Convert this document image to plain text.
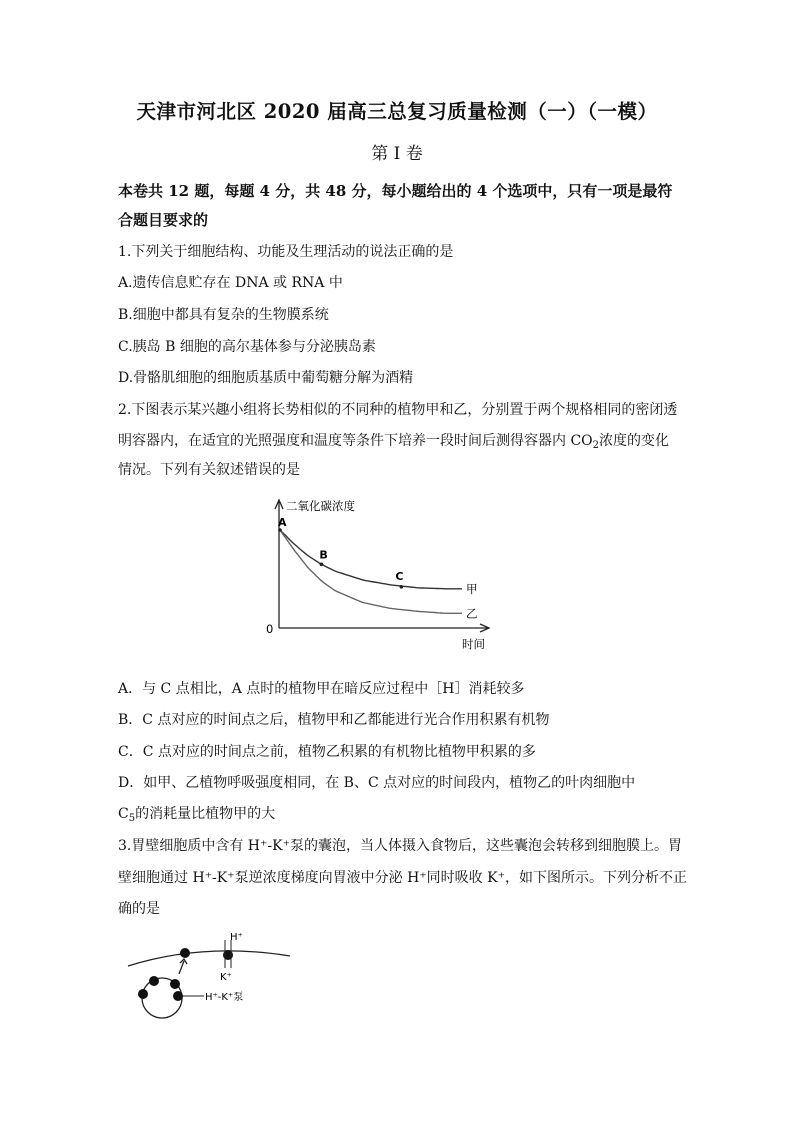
天津市河北区 2020 届高三总复习质量检测（一）（一模）
第 I 卷
本卷共 12 题，每题 4 分，共 48 分，每小题给出的 4 个选项中，只有一项是最符
合题目要求的
1.下列关于细胞结构、功能及生理活动的说法正确的是
A.遗传信息贮存在 DNA 或 RNA 中
B.细胞中都具有复杂的生物膜系统
C.胰岛 B 细胞的高尔基体参与分泌胰岛素
D.骨骼肌细胞的细胞质基质中葡萄糖分解为酒精
2.下图表示某兴趣小组将长势相似的不同种的植物甲和乙，分别置于两个规格相同的密闭透
明容器内，在适宜的光照强度和温度等条件下培养一段时间后测得容器内 $CO_2$浓度的变化
情况。下列有关叙述错误的是
甲
乙
A
B
C
二氧化碳浓度
时间
0
A．与 C 点相比，A 点时的植物甲在暗反应过程中［H］消耗较多
B．C 点对应的时间点之后，植物甲和乙都能进行光合作用积累有机物
C．C 点对应的时间点之前，植物乙积累的有机物比植物甲积累的多
D．如甲、乙植物呼吸强度相同，在 B、C 点对应的时间段内，植物乙的叶肉细胞中
$C_5$的消耗量比植物甲的大
3.胃壁细胞质中含有 H⁺-K⁺泵的囊泡，当人体摄入食物后，这些囊泡会转移到细胞膜上。胃
壁细胞通过 H⁺-K⁺泵逆浓度梯度向胃液中分泌 H⁺同时吸收 K⁺，如下图所示。下列分析不正
确的是
H⁺
K⁺
H⁺-K⁺泵
